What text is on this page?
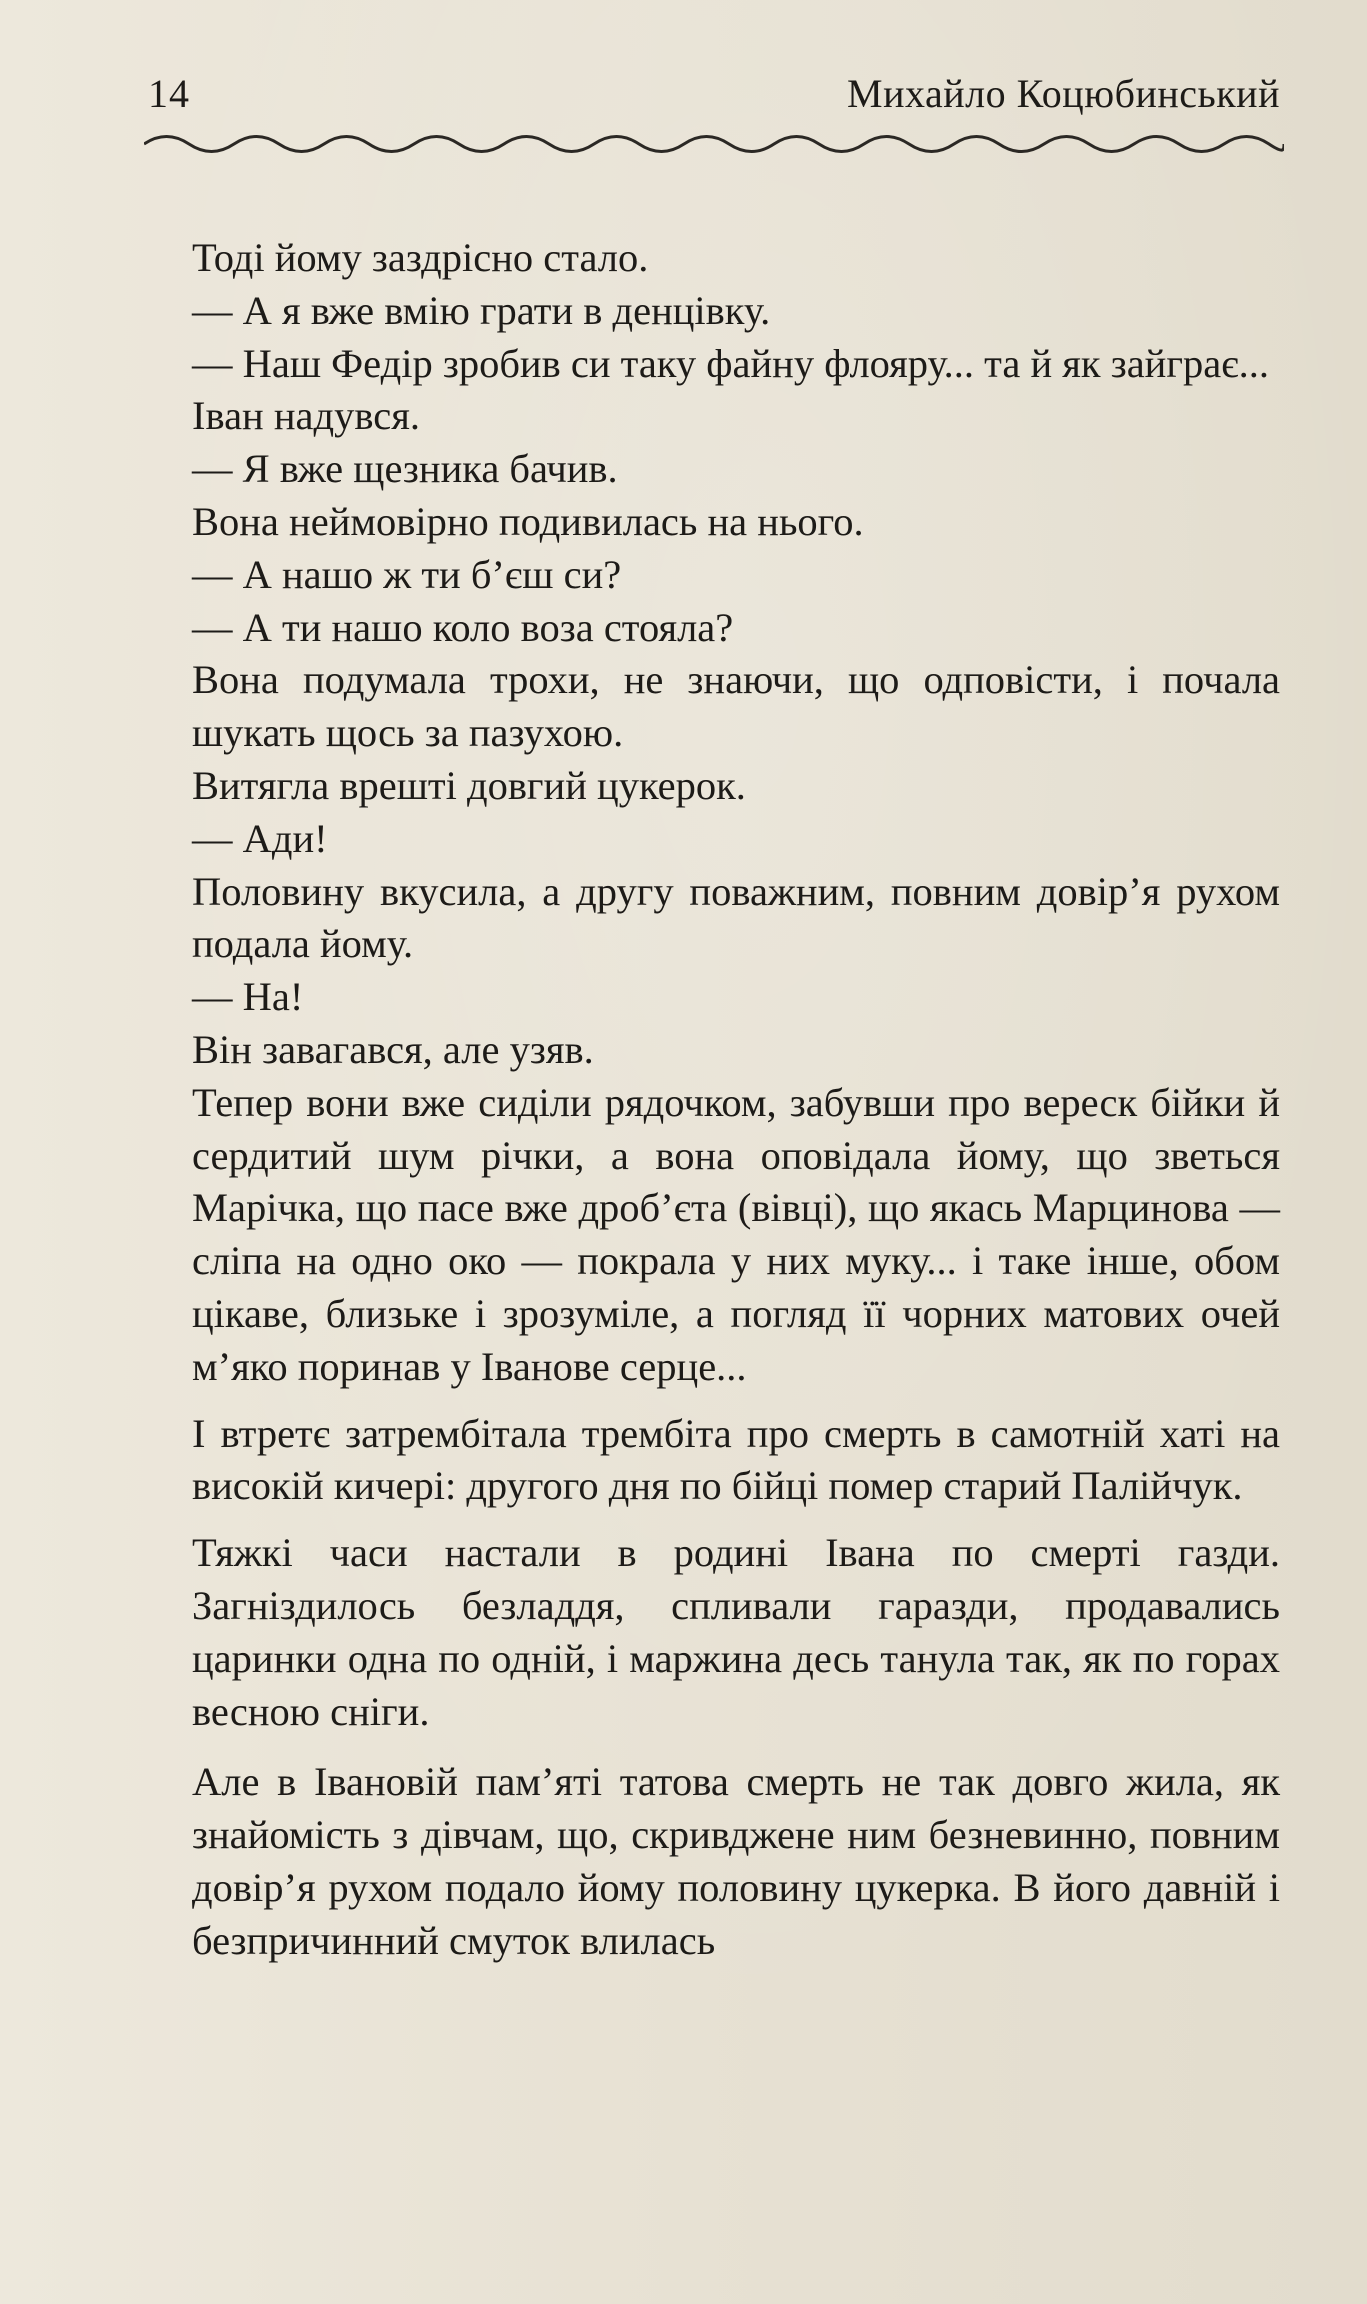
14	Михайло Коцюбинський

Тоді йому заздрісно стало.

— А я вже вмію грати в денцівку.

— Наш Федір зробив си таку файну флояру... та й як зайграє...

Іван надувся.

— Я вже щезника бачив.

Вона неймовірно подивилась на нього.

— А нашо ж ти б’єш си?

— А ти нашо коло воза стояла?

Вона подумала трохи, не знаючи, що одповісти, і почала шукать щось за пазухою.

Витягла врешті довгий цукерок.

— Ади!

Половину вкусила, а другу поважним, повним довір’я рухом подала йому.

— На!

Він завагався, але узяв.

Тепер вони вже сиділи рядочком, забувши про вереск бійки й сердитий шум річки, а вона оповідала йому, що зветься Марічка, що пасе вже дроб’єта (вівці), що якась Марцинова — сліпа на одно око — покрала у них муку... і таке інше, обом цікаве, близьке і зрозуміле, а погляд її чорних матових очей м’яко поринав у Іванове серце...

І втретє затрембітала трембіта про смерть в самотній хаті на високій кичері: другого дня по бійці помер старий Палійчук.

Тяжкі часи настали в родині Івана по смерті газди. Загніздилось безладдя, спливали гаразди, продавались царинки одна по одній, і маржина десь танула так, як по горах весною сніги.

Але в Івановій пам’яті татова смерть не так довго жила, як знайомість з дівчам, що, скривджене ним безневинно, повним довір’я рухом подало йому половину цукерка. В його давній і безпричинний смуток влилась
